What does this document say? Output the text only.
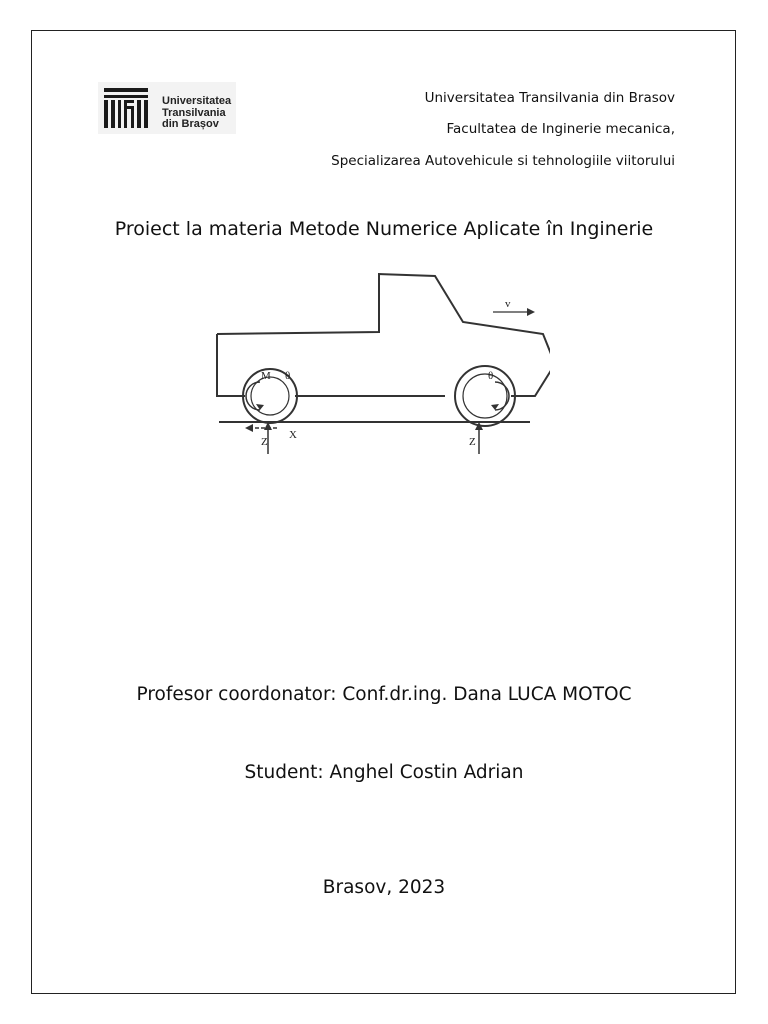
Universitatea
Transilvania
din Brașov
Universitatea Transilvania din Brasov
Facultatea de Inginerie mecanica,
Specializarea Autovehicule si tehnologiile viitorului
Proiect la materia Metode Numerice Aplicate în Inginerie
v
M θ	θ
Z
X
Z
Profesor coordonator: Conf.dr.ing. Dana LUCA MOTOC
Student: Anghel Costin Adrian
Brasov, 2023
